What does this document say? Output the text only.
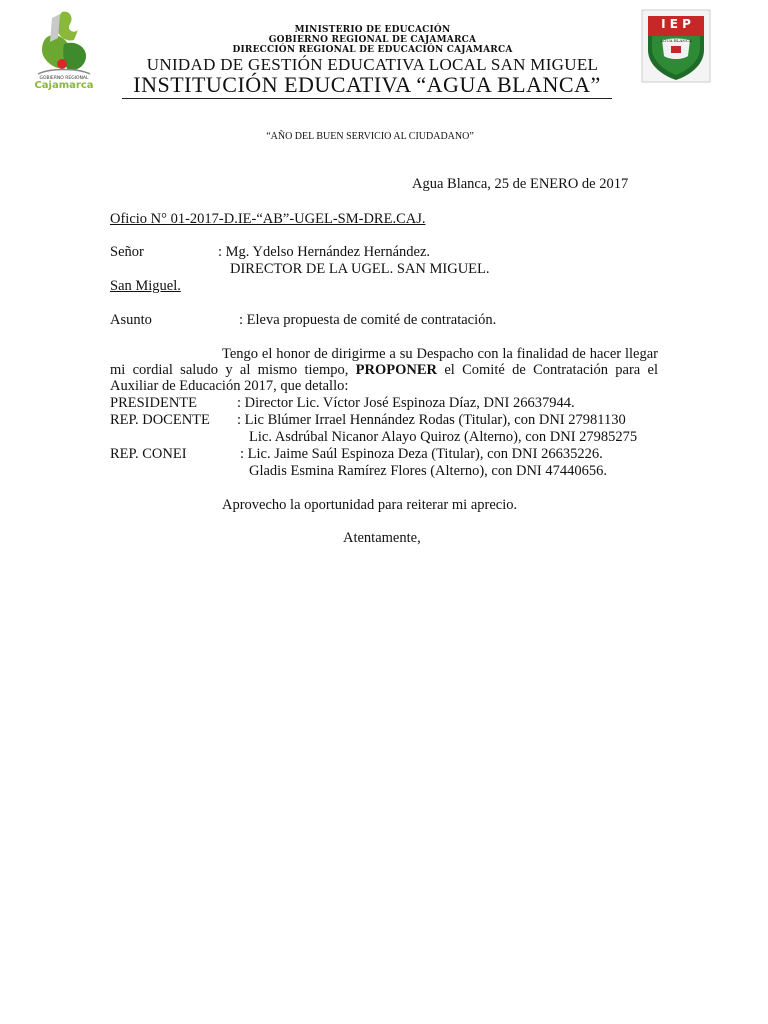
GOBIERNO REGIONAL
Cajamarca
I E P
AGUA BLANCA
MINISTERIO DE EDUCACIÓN
GOBIERNO REGIONAL DE CAJAMARCA
DIRECCIÓN REGIONAL DE EDUCACIÓN CAJAMARCA
UNIDAD DE GESTIÓN EDUCATIVA LOCAL SAN MIGUEL
INSTITUCIÓN EDUCATIVA “AGUA BLANCA”
“AÑO DEL BUEN SERVICIO AL CIUDADANO”
Agua Blanca, 25 de ENERO de 2017
Oficio N° 01-2017-D.IE-“AB”-UGEL-SM-DRE.CAJ.
Señor	: Mg. Ydelso Hernández Hernández.
DIRECTOR DE LA UGEL. SAN MIGUEL.
San Miguel.
Asunto	: Eleva propuesta de comité de contratación.
Tengo el honor de dirigirme a su Despacho con la finalidad de hacer llegar mi cordial saludo y al mismo tiempo, PROPONER el Comité de Contratación para el Auxiliar de Educación 2017, que detallo:
PRESIDENTE	: Director Lic. Víctor José Espinoza Díaz, DNI 26637944.
REP. DOCENTE : Lic Blúmer Irrael Hennández Rodas (Titular), con DNI 27981130
Lic. Asdrúbal Nicanor Alayo Quiroz (Alterno), con DNI 27985275
REP. CONEI	: Lic. Jaime Saúl Espinoza Deza (Titular), con DNI 26635226.
Gladis Esmina Ramírez Flores (Alterno), con DNI 47440656.
Aprovecho la oportunidad para reiterar mi aprecio.
Atentamente,
